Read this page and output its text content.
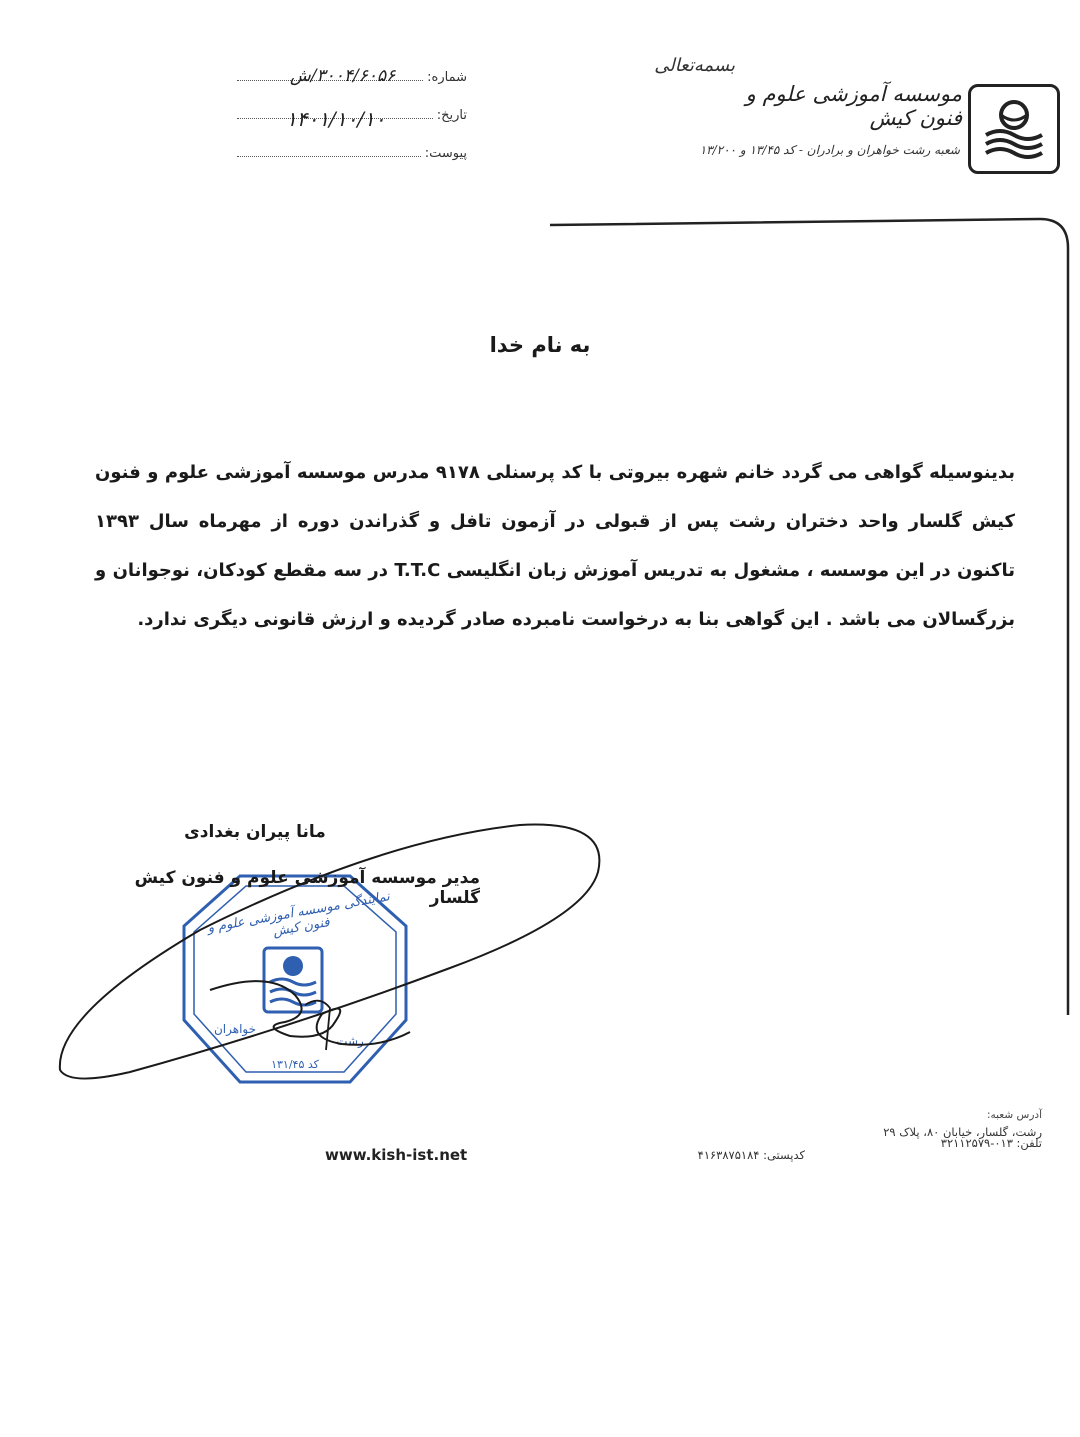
بسمه‌تعالی
موسسه آموزشی علوم و فنون کیش
شعبه رشت خواهران و برادران - کد ۱۳/۴۵ و ۱۳/۲۰۰
شماره:
۳۰۰۴/۶۰۵۶/ش
تاریخ:
۱۴۰۱/۱۰/۱۰
پیوست:
به نام خدا
بدینوسیله گواهی می گردد خانم شهره بیروتی با کد پرسنلی ۹۱۷۸ مدرس موسسه آموزشی علوم و فنون کیش گلسار واحد دختران رشت پس از قبولی در آزمون تافل و گذراندن دوره از مهرماه سال ۱۳۹۳ تاکنون در این موسسه ، مشغول به تدریس آموزش زبان انگلیسی T.T.C در سه مقطع کودکان، نوجوانان و بزرگسالان می باشد . این گواهی بنا به درخواست نامبرده صادر گردیده و ارزش قانونی دیگری ندارد.
نمایندگی موسسه آموزشی علوم و فنون کیش
خواهران
رشت
کد ۱۳۱/۴۵
مانا پیران بغدادی
مدیر موسسه آموزشی علوم و فنون کیش گلسار
آدرس شعبه:
رشت، گلسار، خیابان ۸۰، پلاک ۲۹
تلفن: ۰۱۳-۳۲۱۱۲۵۷۹
کدپستی: ۴۱۶۳۸۷۵۱۸۴
www.kish-ist.net
